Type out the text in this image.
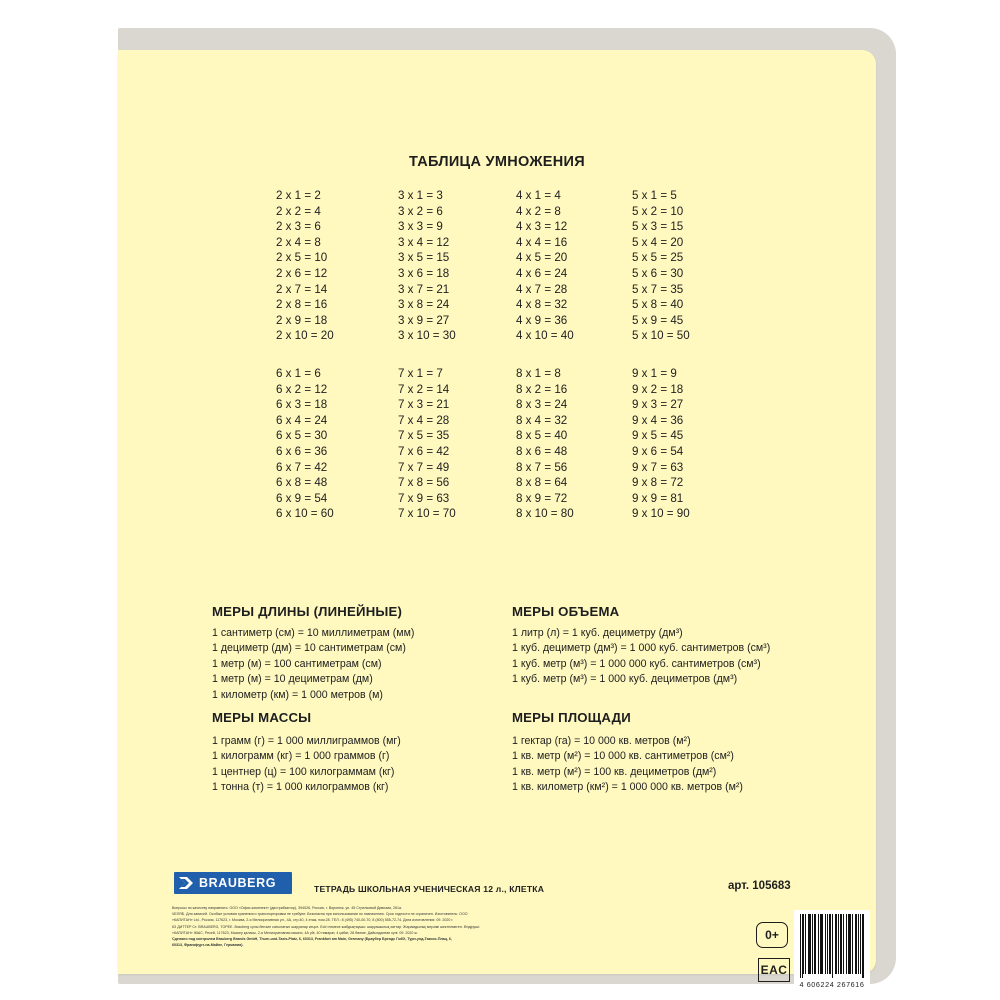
ТАБЛИЦА УМНОЖЕНИЯ
2 x 1 = 2
2 x 2 = 4
2 x 3 = 6
2 x 4 = 8
2 x 5 = 10
2 x 6 = 12
2 x 7 = 14
2 x 8 = 16
2 x 9 = 18
2 x 10 = 20
3 x 1 = 3
3 x 2 = 6
3 x 3 = 9
3 x 4 = 12
3 x 5 = 15
3 x 6 = 18
3 x 7 = 21
3 x 8 = 24
3 x 9 = 27
3 x 10 = 30
4 x 1 = 4
4 x 2 = 8
4 x 3 = 12
4 x 4 = 16
4 x 5 = 20
4 x 6 = 24
4 x 7 = 28
4 x 8 = 32
4 x 9 = 36
4 x 10 = 40
5 x 1 = 5
5 x 2 = 10
5 x 3 = 15
5 x 4 = 20
5 x 5 = 25
5 x 6 = 30
5 x 7 = 35
5 x 8 = 40
5 x 9 = 45
5 x 10 = 50
6 x 1 = 6
6 x 2 = 12
6 x 3 = 18
6 x 4 = 24
6 x 5 = 30
6 x 6 = 36
6 x 7 = 42
6 x 8 = 48
6 x 9 = 54
6 x 10 = 60
7 x 1 = 7
7 x 2 = 14
7 x 3 = 21
7 x 4 = 28
7 x 5 = 35
7 x 6 = 42
7 x 7 = 49
7 x 8 = 56
7 x 9 = 63
7 x 10 = 70
8 x 1 = 8
8 x 2 = 16
8 x 3 = 24
8 x 4 = 32
8 x 5 = 40
8 x 6 = 48
8 x 7 = 56
8 x 8 = 64
8 x 9 = 72
8 x 10 = 80
9 x 1 = 9
9 x 2 = 18
9 x 3 = 27
9 x 4 = 36
9 x 5 = 45
9 x 6 = 54
9 x 7 = 63
9 x 8 = 72
9 x 9 = 81
9 x 10 = 90
МЕРЫ ДЛИНЫ (ЛИНЕЙНЫЕ)
1 сантиметр (см) = 10 миллиметрам (мм)
1 дециметр (дм) = 10 сантиметрам (см)
1 метр (м) = 100 сантиметрам (см)
1 метр (м) = 10 дециметрам (дм)
1 километр (км) = 1 000 метров (м)
МЕРЫ МАССЫ
1 грамм (г) = 1 000 миллиграммов (мг)
1 килограмм (кг) = 1 000 граммов (г)
1 центнер (ц) = 100 килограммам (кг)
1 тонна (т) = 1 000 килограммов (кг)
МЕРЫ ОБЪЕМА
1 литр (л) = 1 куб. дециметру (дм³)
1 куб. дециметр (дм³) = 1 000 куб. сантиметров (см³)
1 куб. метр (м³) = 1 000 000 куб. сантиметров (см³)
1 куб. метр (м³) = 1 000 куб. дециметров (дм³)
МЕРЫ ПЛОЩАДИ
1 гектар (га) = 10 000 кв. метров (м²)
1 кв. метр (м²) = 10 000 кв. сантиметров (см²)
1 кв. метр (м²) = 100 кв. дециметров (дм²)
1 кв. километр (км²) = 1 000 000 кв. метров (м²)
BRAUBERG	ТЕТРАДЬ ШКОЛЬНАЯ УЧЕНИЧЕСКАЯ 12 л., КЛЕТКА	арт. 105683
Вопросы по качеству направлять: ООО «Офис-комплект» (дистрибьютор), 394026, Россия, г. Воронеж, ул. 45 Стрелковой Дивизии, 261а.
ЧЕЛЯБ. Для записей. Особые условия хранения и транспортировки не требуют. Безопасна при использовании по назначению. Срок годности не ограничен. Изготовитель: ООО
«КАПИТАН» Ltd., Россия, 117623, г. Москва, 2-я Мелиоративная ул., 4А, стр.40, 4 этаж, пом.28. ТЕЛ.: 8 (495) 740-00-70, 8 (800) 555-72-74. Дата изготовления: 09. 2020 г.
КЗ ДИТТЕР Ст. BRAUBERG, ТОРЕЕ. Brauberg сулы бензин сатылатын шаруалар кеңсе. Есігі немесе жабдықтаушы: шаруашылық заттар. Жарамдылық мерзімі шектелмеген. Өндіруші:
«КАПИТАН» ЖШС, Ресей, 117623, Мәскеу қаласы, 2-я Мелиоративная көшесі, 4А үйі, 40 ғимарат, 4 қабат, 28 бөлме. Дайындалған күні: 09. 2020 ж.
Сделано под контролем Brauberg Brands GmbH, Thurn-und-Taxis-Platz, 6, 60313, Frankfurt am Main, Germany (Браубер Брендс ГмбХ, Турн-унд-Таксис-Плац, 6,
60313, Франкфурт-на-Майне, Германия).
0+
EAC
4 606224 267616
